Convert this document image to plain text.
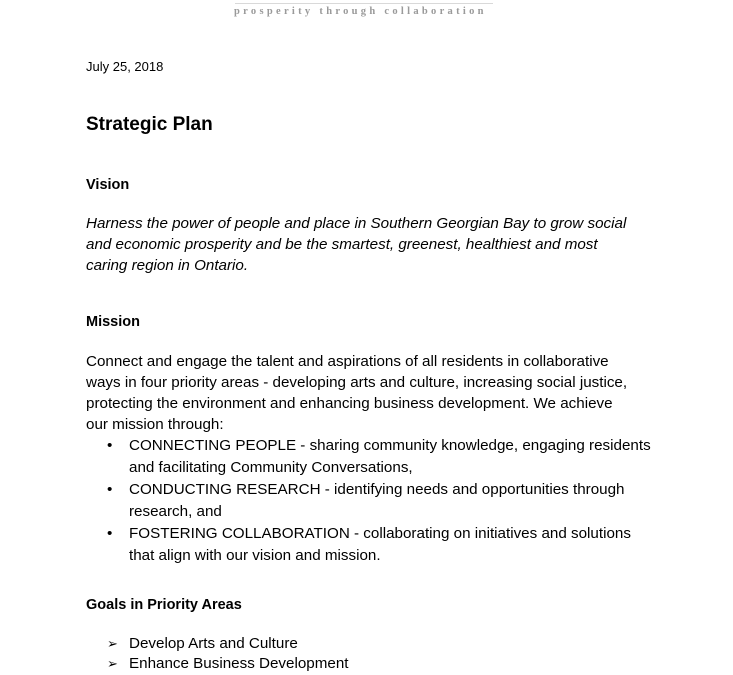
prosperity through collaboration
July 25, 2018
Strategic Plan
Vision
Harness the power of people and place in Southern Georgian Bay to grow social
and economic prosperity and be the smartest, greenest, healthiest and most
caring region in Ontario.
Mission
Connect and engage the talent and aspirations of all residents in collaborative
ways in four priority areas - developing arts and culture, increasing social justice,
protecting the environment and enhancing business development. We achieve
our mission through:
• CONNECTING PEOPLE - sharing community knowledge, engaging residents
and facilitating Community Conversations,
• CONDUCTING RESEARCH - identifying needs and opportunities through
research, and
• FOSTERING COLLABORATION - collaborating on initiatives and solutions
that align with our vision and mission.
Goals in Priority Areas
➢ Develop Arts and Culture
➢ Enhance Business Development
